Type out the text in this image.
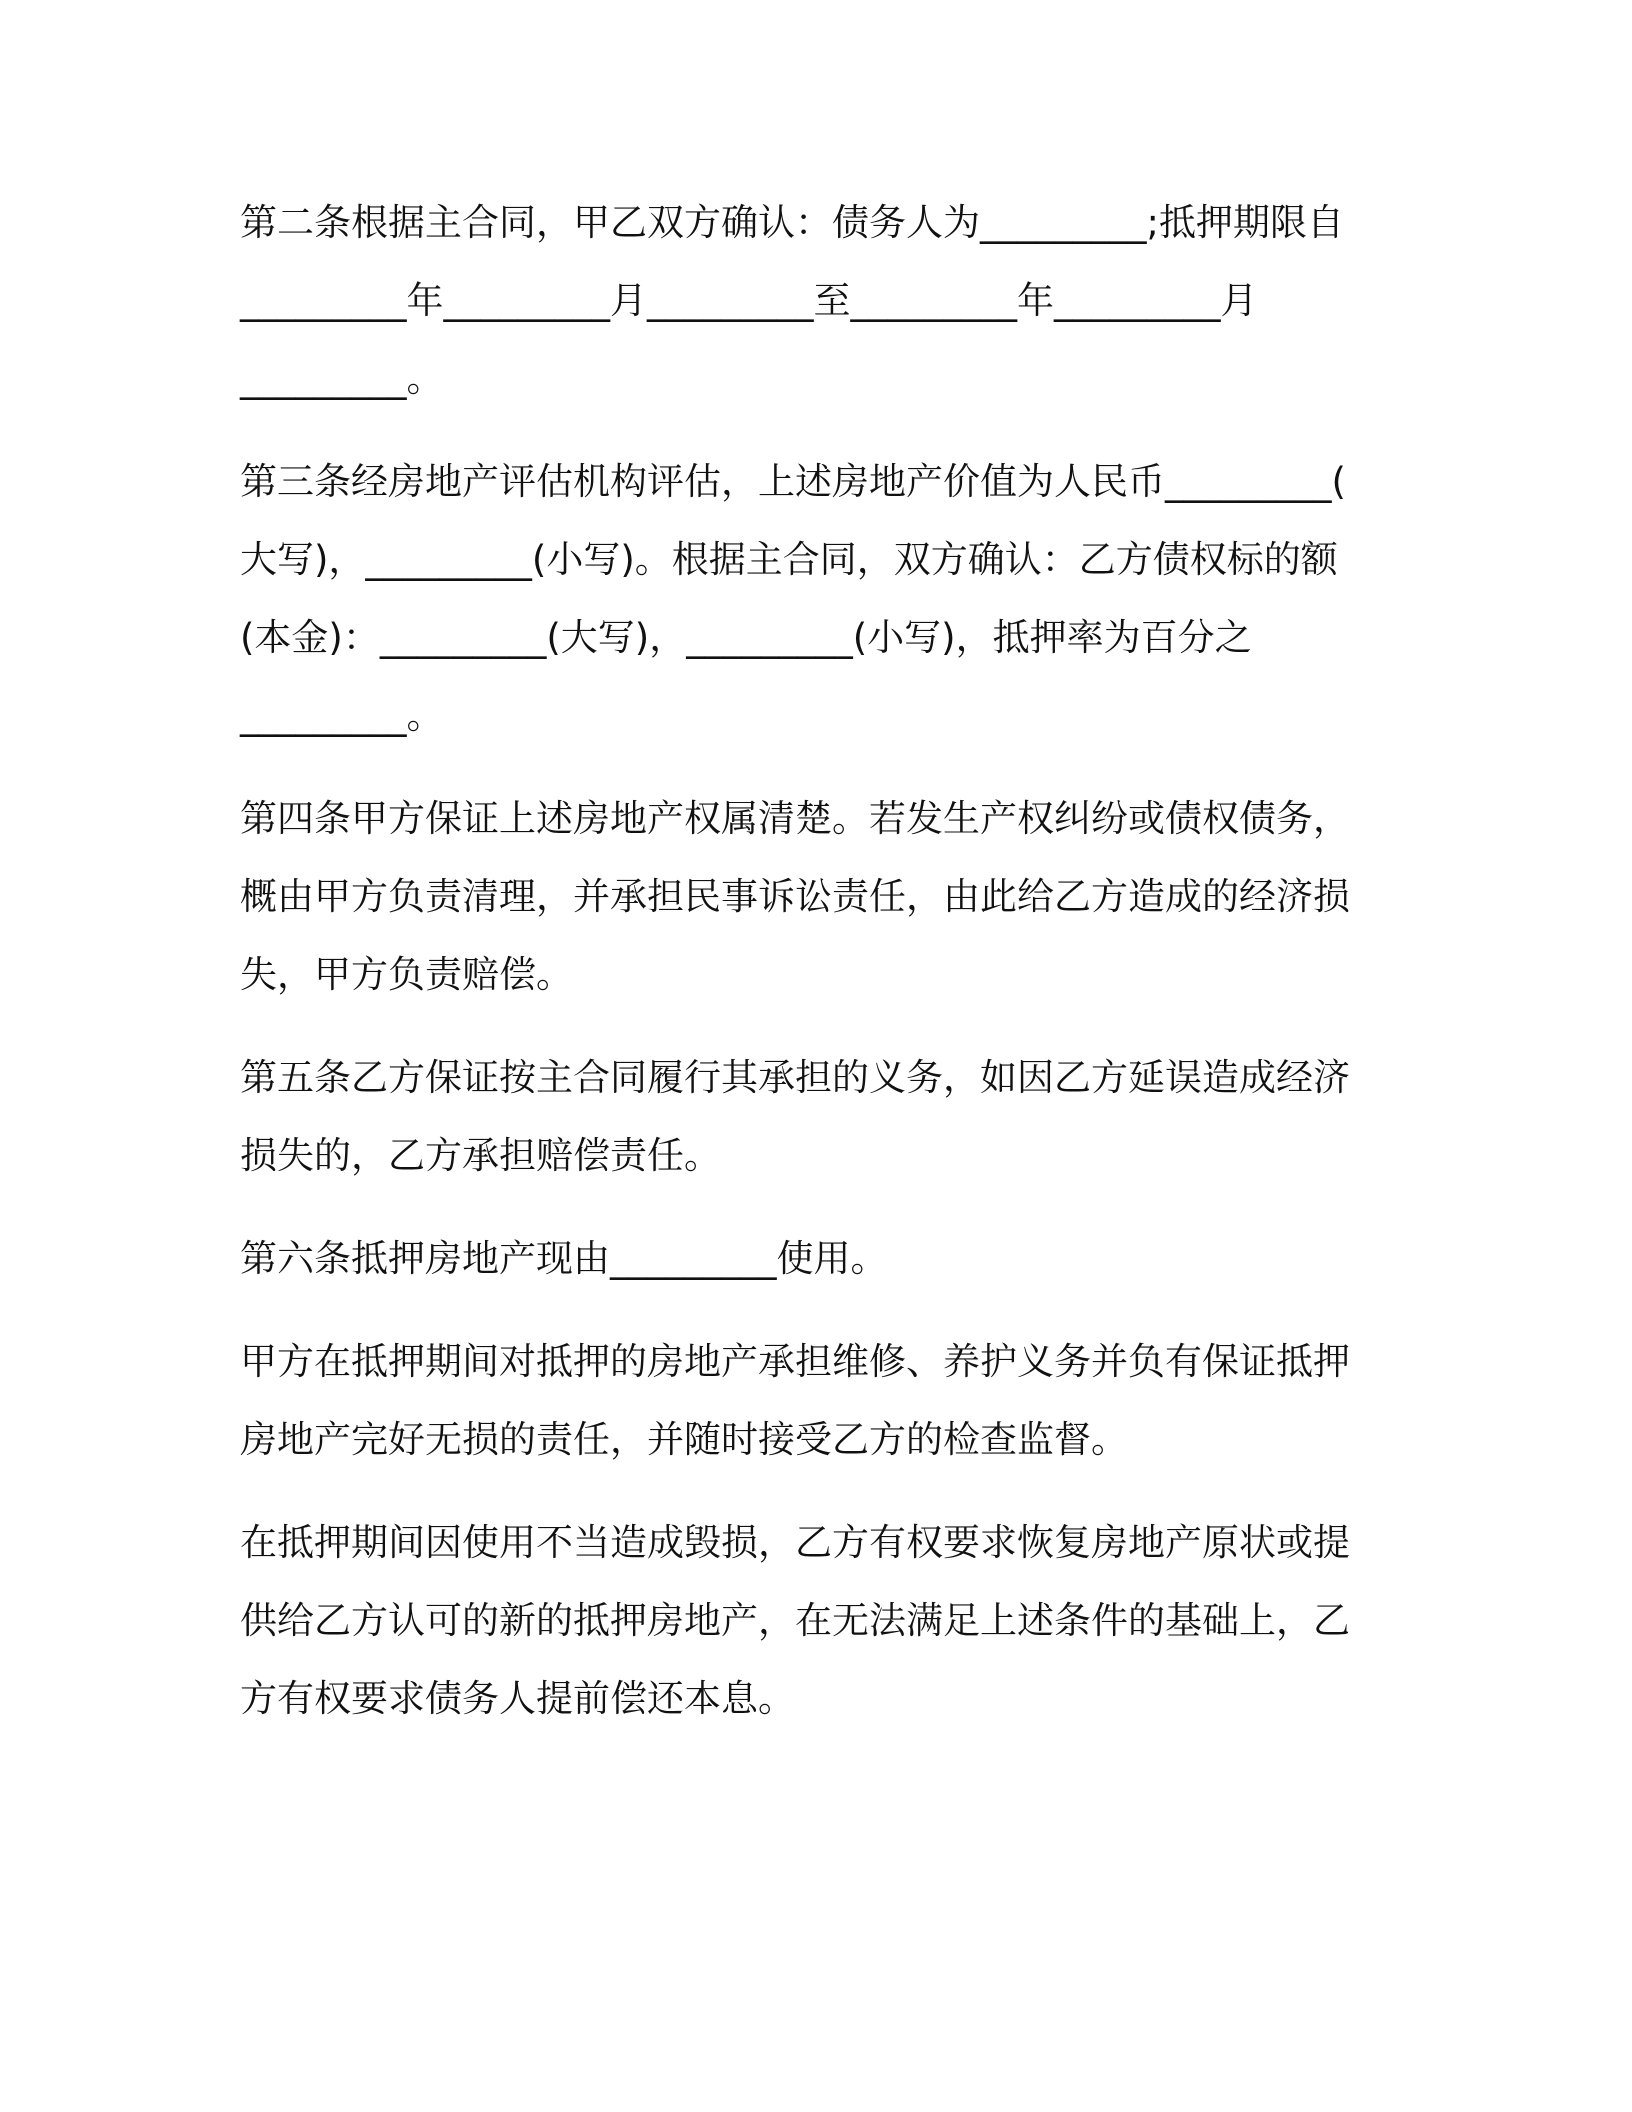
第二条根据主合同，甲乙双方确认：债务人为_________;抵押期限自
_________年_________月_________至_________年_________月
_________。

第三条经房地产评估机构评估，上述房地产价值为人民币_________(
大写)，_________(小写)。根据主合同，双方确认：乙方债权标的额
(本金)：_________(大写)，_________(小写)，抵押率为百分之
_________。

第四条甲方保证上述房地产权属清楚。若发生产权纠纷或债权债务，
概由甲方负责清理，并承担民事诉讼责任，由此给乙方造成的经济损
失，甲方负责赔偿。

第五条乙方保证按主合同履行其承担的义务，如因乙方延误造成经济
损失的，乙方承担赔偿责任。

第六条抵押房地产现由_________使用。

甲方在抵押期间对抵押的房地产承担维修、养护义务并负有保证抵押
房地产完好无损的责任，并随时接受乙方的检查监督。

在抵押期间因使用不当造成毁损，乙方有权要求恢复房地产原状或提
供给乙方认可的新的抵押房地产，在无法满足上述条件的基础上，乙
方有权要求债务人提前偿还本息。
